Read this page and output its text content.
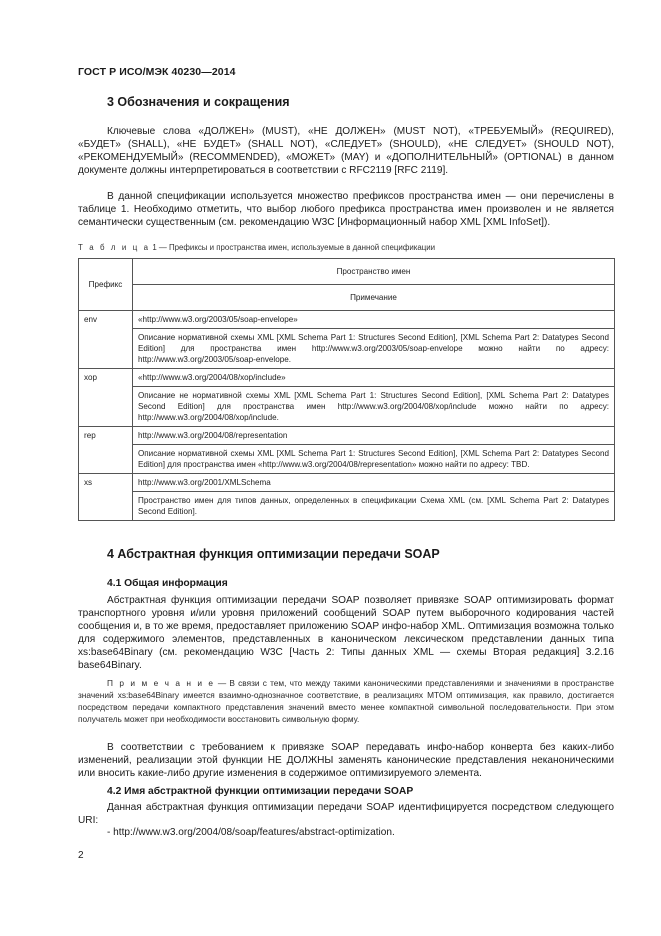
ГОСТ Р ИСО/МЭК 40230—2014
3 Обозначения и сокращения

Ключевые слова «ДОЛЖЕН» (MUST), «НЕ ДОЛЖЕН» (MUST NOT), «ТРЕБУЕМЫЙ» (REQUIRED), «БУДЕТ» (SHALL), «НЕ БУДЕТ» (SHALL NOT), «СЛЕДУЕТ» (SHOULD), «НЕ СЛЕДУЕТ» (SHOULD NOT), «РЕКОМЕНДУЕМЫЙ» (RECOMMENDED), «МОЖЕТ» (MAY) и «ДОПОЛНИТЕЛЬНЫЙ» (OPTIONAL) в данном документе должны интерпретироваться в соответствии с RFC2119 [RFC 2119].

В данной спецификации используется множество префиксов пространства имен — они перечислены в таблице 1. Необходимо отметить, что выбор любого префикса пространства имен произволен и не является семантически существенным (см. рекомендацию W3C [Информационный набор XML [XML InfoSet]).

Т а б л и ц а 1 — Префиксы и пространства имен, используемые в данной спецификации
Префикс	Пространство имен
	Примечание
env	«http://www.w3.org/2003/05/soap-envelope»
	Описание нормативной схемы XML [XML Schema Part 1: Structures Second Edition], [XML Schema Part 2: Datatypes Second Edition] для пространства имен http://www.w3.org/2003/05/soap-envelope можно найти по адресу: http://www.w3.org/2003/05/soap-envelope.
xop	«http://www.w3.org/2004/08/xop/include»
	Описание не нормативной схемы XML [XML Schema Part 1: Structures Second Edition], [XML Schema Part 2: Datatypes Second Edition] для пространства имен http://www.w3.org/2004/08/xop/include можно найти по адресу: http://www.w3.org/2004/08/xop/include.
rep	http://www.w3.org/2004/08/representation
	Описание нормативной схемы XML [XML Schema Part 1: Structures Second Edition], [XML Schema Part 2: Datatypes Second Edition] для пространства имен «http://www.w3.org/2004/08/representation» можно найти по адресу: TBD.
xs	http://www.w3.org/2001/XMLSchema
	Пространство имен для типов данных, определенных в спецификации Схема XML (см. [XML Schema Part 2: Datatypes Second Edition].
4 Абстрактная функция оптимизации передачи SOAP
4.1 Общая информация

Абстрактная функция оптимизации передачи SOAP позволяет привязке SOAP оптимизировать формат транспортного уровня и/или уровня приложений сообщений SOAP путем выборочного кодирования частей сообщения и, в то же время, предоставляет приложению SOAP инфо-набор XML. Оптимизация возможна только для содержимого элементов, представленных в каноническом лексическом представлении данных типа xs:base64Binary (см. рекомендацию W3C [Часть 2: Типы данных XML — схемы Вторая редакция] 3.2.16 base64Binary.

П р и м е ч а н и е — В связи с тем, что между такими каноническими представлениями и значениями в пространстве значений xs:base64Binary имеется взаимно-однозначное соответствие, в реализациях MTOM оптимизация, как правило, достигается посредством передачи компактного представления значений вместо менее компактной символьной последовательности. При этом получатель может при необходимости восстановить символьную форму.

В соответствии с требованием к привязке SOAP передавать инфо-набор конверта без каких-либо изменений, реализации этой функции НЕ ДОЛЖНЫ заменять канонические представления неканоническими или вносить какие-либо другие изменения в содержимое оптимизируемого элемента.

4.2 Имя абстрактной функции оптимизации передачи SOAP

Данная абстрактная функция оптимизации передачи SOAP идентифицируется посредством следующего URI:

- http://www.w3.org/2004/08/soap/features/abstract-optimization.
2
